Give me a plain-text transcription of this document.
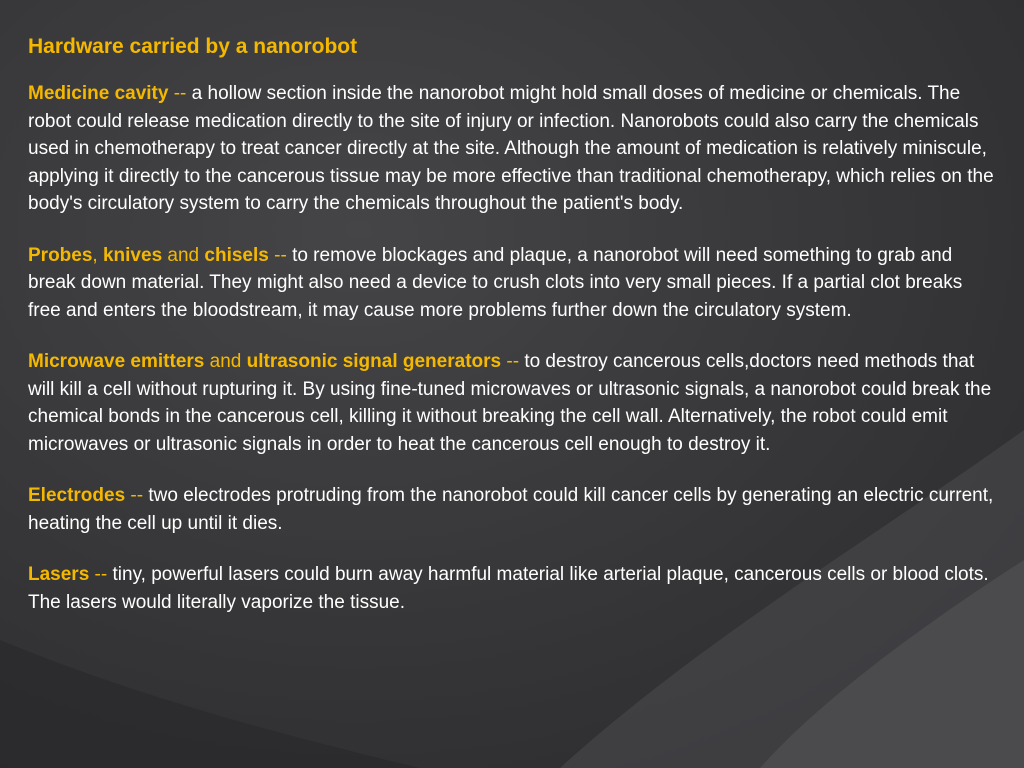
Hardware carried by a nanorobot

Medicine cavity -- a hollow section inside the nanorobot might hold small doses of medicine or chemicals. The robot could release medication directly to the site of injury or infection. Nanorobots could also carry the chemicals used in chemotherapy to treat cancer directly at the site. Although the amount of medication is relatively miniscule, applying it directly to the cancerous tissue may be more effective than traditional chemotherapy, which relies on the body's circulatory system to carry the chemicals throughout the patient's body.

Probes, knives and chisels -- to remove blockages and plaque, a nanorobot will need something to grab and break down material. They might also need a device to crush clots into very small pieces. If a partial clot breaks free and enters the bloodstream, it may cause more problems further down the circulatory system.

Microwave emitters and ultrasonic signal generators -- to destroy cancerous cells,doctors need methods that will kill a cell without rupturing it. By using fine-tuned microwaves or ultrasonic signals, a nanorobot could break the chemical bonds in the cancerous cell, killing it without breaking the cell wall. Alternatively, the robot could emit microwaves or ultrasonic signals in order to heat the cancerous cell enough to destroy it.

Electrodes -- two electrodes protruding from the nanorobot could kill cancer cells by generating an electric current, heating the cell up until it dies.

Lasers -- tiny, powerful lasers could burn away harmful material like arterial plaque, cancerous cells or blood clots. The lasers would literally vaporize the tissue.
